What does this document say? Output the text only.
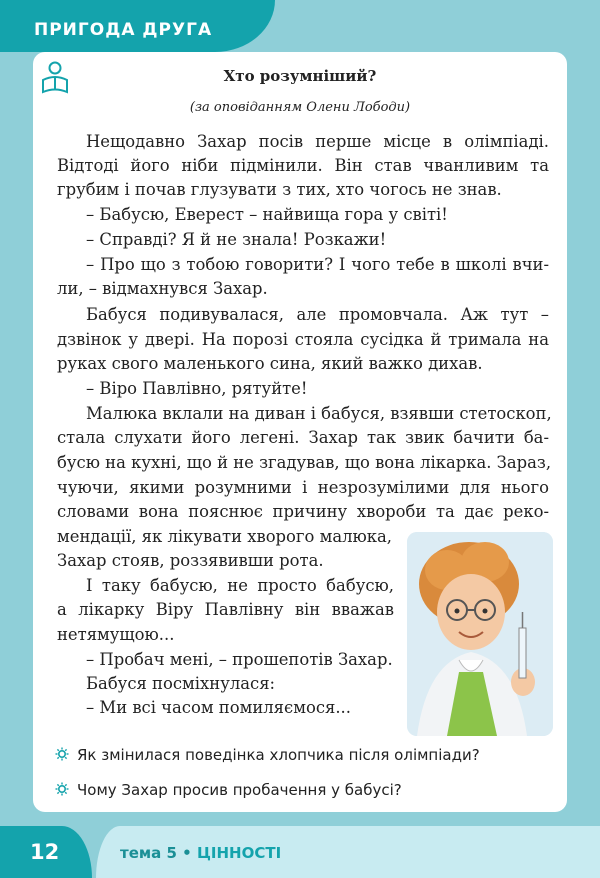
ПРИГОДА ДРУГА
Хто розумніший?
(за оповіданням Олени Лободи)
Нещодавно Захар посів перше місце в олімпіаді.
Відтоді його ніби підмінили. Він став чванливим та
грубим і почав глузувати з тих, хто чогось не знав.
– Бабусю, Еверест – найвища гора у світі!
– Справді? Я й не знала! Розкажи!
– Про що з тобою говорити? І чого тебе в школі вчи-
ли, – відмахнувся Захар.
Бабуся подивувалася, але промовчала. Аж тут –
дзвінок у двері. На порозі стояла сусідка й тримала на
руках свого маленького сина, який важко дихав.
– Віро Павлівно, рятуйте!
Малюка вклали на диван і бабуся, взявши стетоскоп,
стала слухати його легені. Захар так звик бачити ба-
бусю на кухні, що й не згадував, що вона лікарка. Зараз,
чуючи, якими розумними і незрозумілими для нього
словами вона пояснює причину хвороби та дає реко-
мендації, як лікувати хворого малюка,
Захар стояв, роззявивши рота.
І таку бабусю, не просто бабусю,
а лікарку Віру Павлівну він вважав
нетямущою...
– Пробач мені, – прошепотів Захар.
Бабуся посміхнулася:
– Ми всі часом помиляємося...
Як змінилася поведінка хлопчика після олімпіади?
Чому Захар просив пробачення у бабусі?
12	тема 5 • ЦІННОСТІ
